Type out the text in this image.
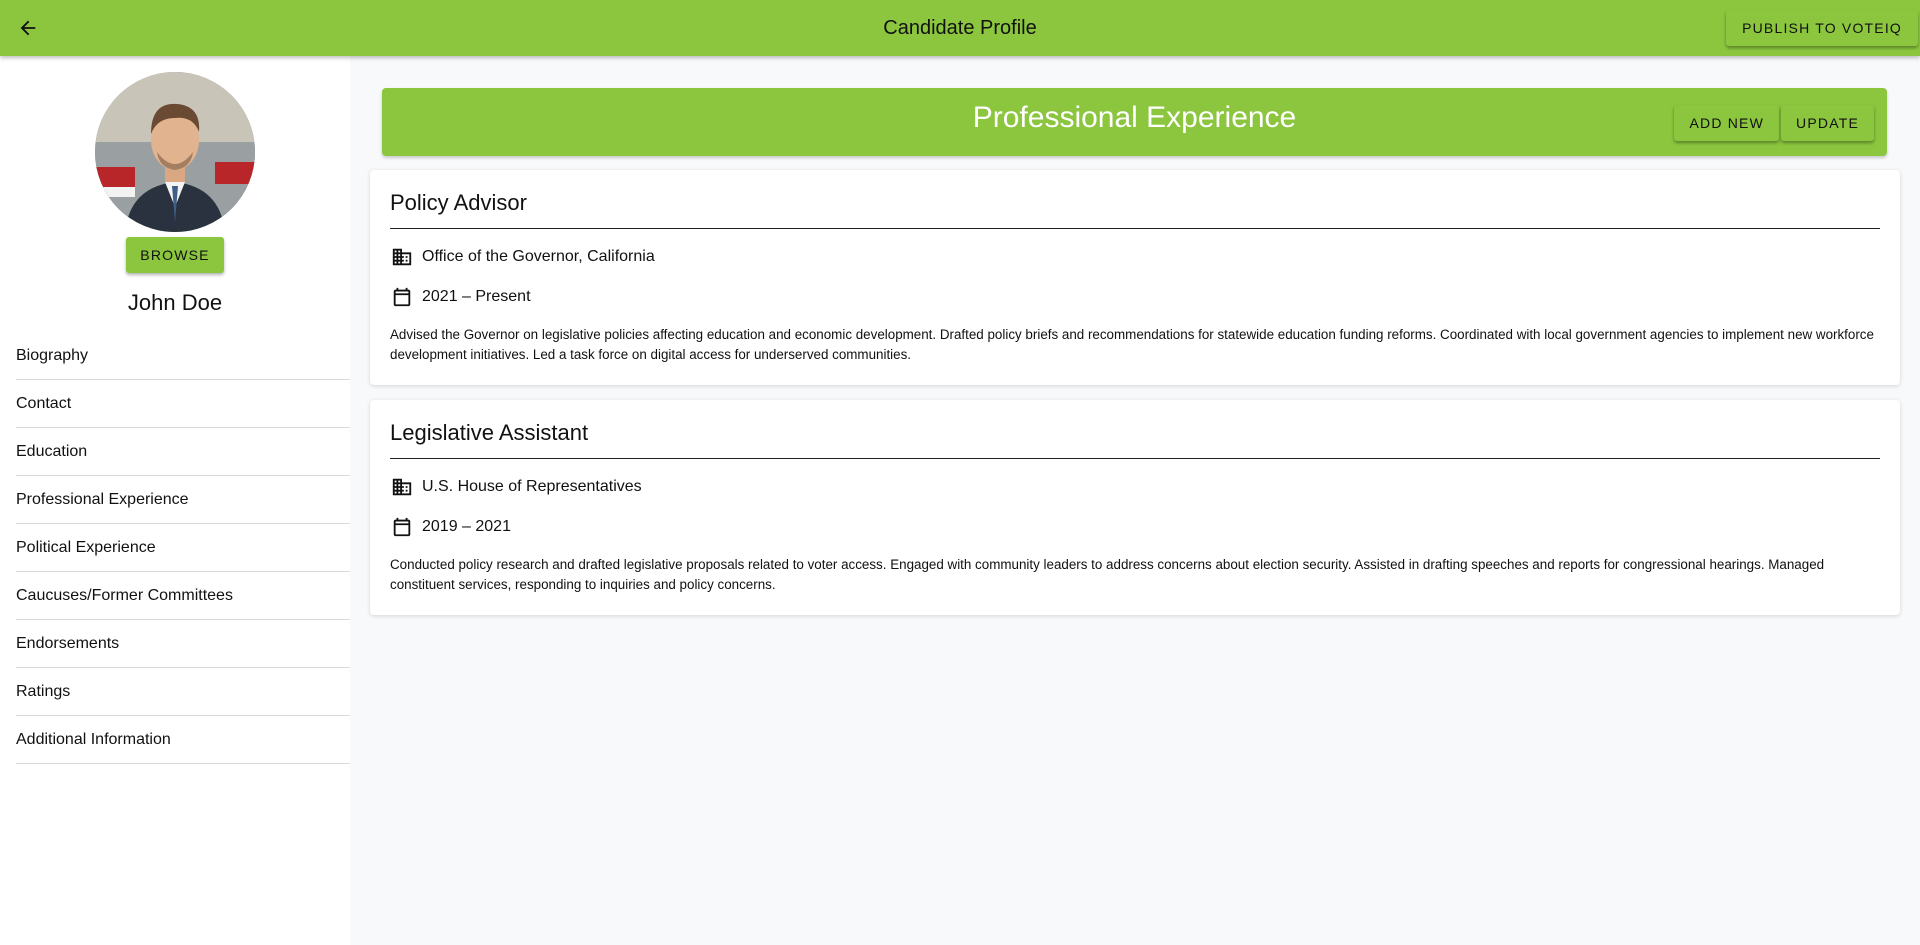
Candidate Profile	PUBLISH TO VOTEIQ
BROWSE
John Doe
Biography
Contact
Education
Professional Experience
Political Experience
Caucuses/Former Committees
Endorsements
Ratings
Additional Information
Professional Experience	ADD NEW	UPDATE
Policy Advisor
Office of the Governor, California
2021 – Present
Advised the Governor on legislative policies affecting education and economic development. Drafted policy briefs and recommendations for statewide education funding reforms. Coordinated with local government agencies to implement new workforce development initiatives. Led a task force on digital access for underserved communities.
Legislative Assistant
U.S. House of Representatives
2019 – 2021
Conducted policy research and drafted legislative proposals related to voter access. Engaged with community leaders to address concerns about election security. Assisted in drafting speeches and reports for congressional hearings. Managed constituent services, responding to inquiries and policy concerns.
